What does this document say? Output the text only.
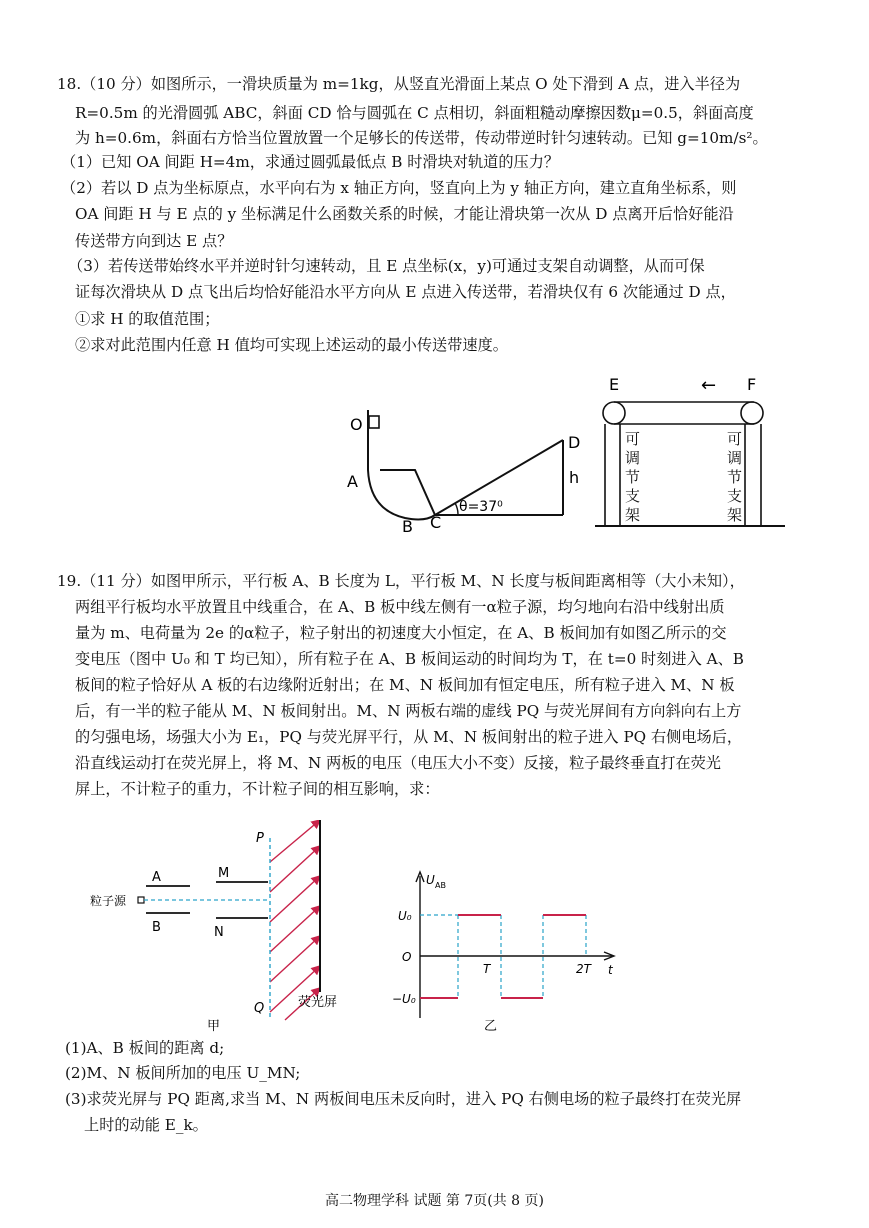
18.（10 分）如图所示，一滑块质量为 m=1kg，从竖直光滑面上某点 O 处下滑到 A 点，进入半径为
R=0.5m 的光滑圆弧 ABC，斜面 CD 恰与圆弧在 C 点相切，斜面粗糙动摩擦因数μ=0.5，斜面高度
为 h=0.6m，斜面右方恰当位置放置一个足够长的传送带，传动带逆时针匀速转动。已知 g=10m/s²。
（1）已知 OA 间距 H=4m，求通过圆弧最低点 B 时滑块对轨道的压力？
（2）若以 D 点为坐标原点，水平向右为 x 轴正方向，竖直向上为 y 轴正方向，建立直角坐标系，则
OA 间距 H 与 E 点的 y 坐标满足什么函数关系的时候，才能让滑块第一次从 D 点离开后恰好能沿
传送带方向到达 E 点？
（3）若传送带始终水平并逆时针匀速转动，且 E 点坐标(x，y)可通过支架自动调整，从而可保
证每次滑块从 D 点飞出后均恰好能沿水平方向从 E 点进入传送带，若滑块仅有 6 次能通过 D 点，
①求 H 的取值范围；
②求对此范围内任意 H 值均可实现上述运动的最小传送带速度。
O
A
B C
D
h
θ=37⁰
E	F
←
可
调
节
支
架
可
调
节
支
架
19.（11 分）如图甲所示，平行板 A、B 长度为 L，平行板 M、N 长度与板间距离相等（大小未知），
两组平行板均水平放置且中线重合，在 A、B 板中线左侧有一α粒子源，均匀地向右沿中线射出质
量为 m、电荷量为 2e 的α粒子，粒子射出的初速度大小恒定，在 A、B 板间加有如图乙所示的交
变电压（图中 U₀ 和 T 均已知），所有粒子在 A、B 板间运动的时间均为 T，在 t=0 时刻进入 A、B
板间的粒子恰好从 A 板的右边缘附近射出；在 M、N 板间加有恒定电压，所有粒子进入 M、N 板
后，有一半的粒子能从 M、N 板间射出。M、N 两板右端的虚线 PQ 与荧光屏间有方向斜向右上方
的匀强电场，场强大小为 E₁，PQ 与荧光屏平行，从 M、N 板间射出的粒子进入 PQ 右侧电场后，
沿直线运动打在荧光屏上，将 M、N 两板的电压（电压大小不变）反接，粒子最终垂直打在荧光
屏上，不计粒子的重力，不计粒子间的相互影响，求：
P
Q	荧光屏
A
B
M
N
粒子源
甲
U AB
U₀
−U₀
O
T	2T t
乙
(1)A、B 板间的距离 d;
(2)M、N 板间所加的电压 U_MN;
(3)求荧光屏与 PQ 距离,求当 M、N 两板间电压未反向时，进入 PQ 右侧电场的粒子最终打在荧光屏
上时的动能 E_k。
高二物理学科 试题 第 7页(共 8 页)
